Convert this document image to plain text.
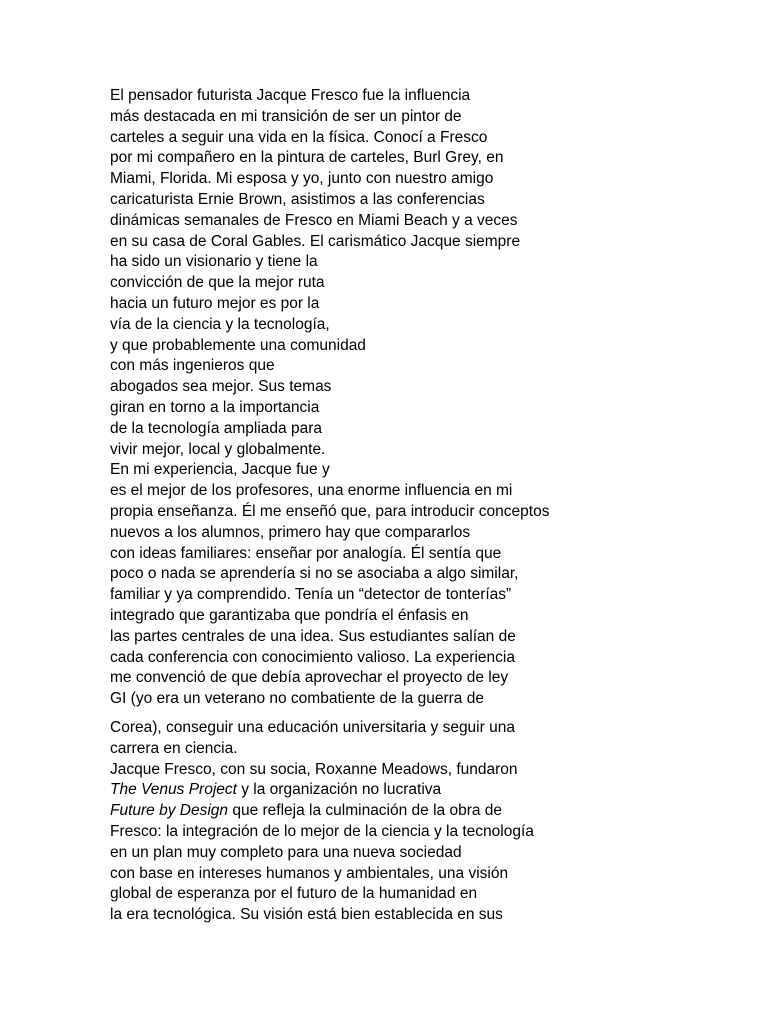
El pensador futurista Jacque Fresco fue la influencia
más destacada en mi transición de ser un pintor de
carteles a seguir una vida en la física. Conocí a Fresco
por mi compañero en la pintura de carteles, Burl Grey, en
Miami, Florida. Mi esposa y yo, junto con nuestro amigo
caricaturista Ernie Brown, asistimos a las conferencias
dinámicas semanales de Fresco en Miami Beach y a veces
en su casa de Coral Gables. El carismático Jacque siempre
ha sido un visionario y tiene la
convicción de que la mejor ruta
hacia un futuro mejor es por la
vía de la ciencia y la tecnología,
y que probablemente una comunidad
con más ingenieros que
abogados sea mejor. Sus temas
giran en torno a la importancia
de la tecnología ampliada para
vivir mejor, local y globalmente.
En mi experiencia, Jacque fue y
es el mejor de los profesores, una enorme influencia en mi
propia enseñanza. Él me enseñó que, para introducir conceptos
nuevos a los alumnos, primero hay que compararlos
con ideas familiares: enseñar por analogía. Él sentía que
poco o nada se aprendería si no se asociaba a algo similar,
familiar y ya comprendido. Tenía un “detector de tonterías”
integrado que garantizaba que pondría el énfasis en
las partes centrales de una idea. Sus estudiantes salían de
cada conferencia con conocimiento valioso. La experiencia
me convenció de que debía aprovechar el proyecto de ley
GI (yo era un veterano no combatiente de la guerra de
Corea), conseguir una educación universitaria y seguir una
carrera en ciencia.
Jacque Fresco, con su socia, Roxanne Meadows, fundaron
The Venus Project y la organización no lucrativa
Future by Design que refleja la culminación de la obra de
Fresco: la integración de lo mejor de la ciencia y la tecnología
en un plan muy completo para una nueva sociedad
con base en intereses humanos y ambientales, una visión
global de esperanza por el futuro de la humanidad en
la era tecnológica. Su visión está bien establecida en sus
